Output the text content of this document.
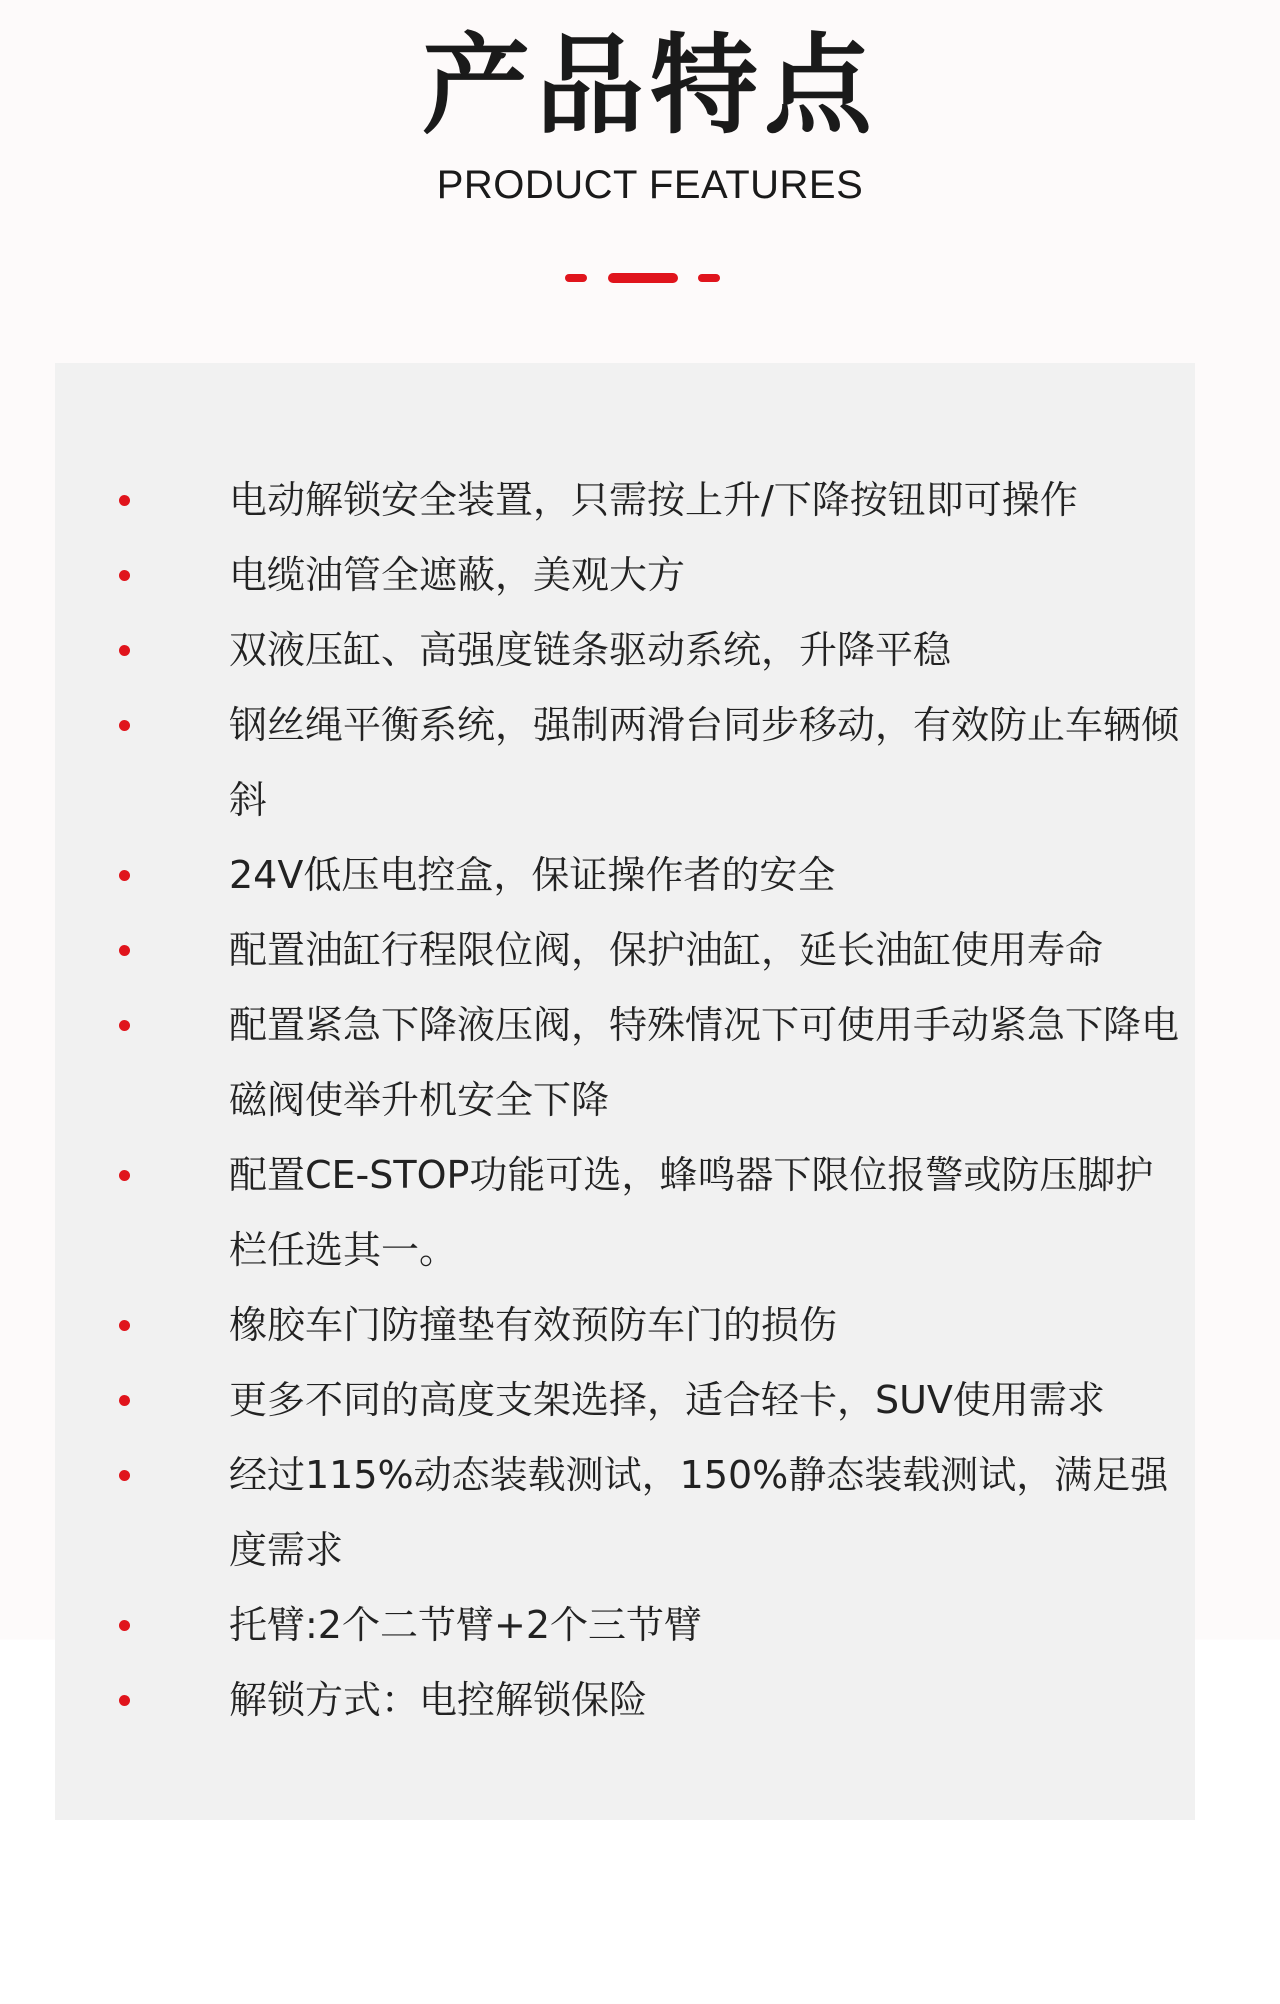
产品特点
PRODUCT FEATURES
电动解锁安全装置，只需按上升/下降按钮即可操作
电缆油管全遮蔽，美观大方
双液压缸、高强度链条驱动系统，升降平稳
钢丝绳平衡系统，强制两滑台同步移动，有效防止车辆倾斜
24V低压电控盒，保证操作者的安全
配置油缸行程限位阀，保护油缸，延长油缸使用寿命
配置紧急下降液压阀，特殊情况下可使用手动紧急下降电磁阀使举升机安全下降
配置CE-STOP功能可选，蜂鸣器下限位报警或防压脚护栏任选其一。
橡胶车门防撞垫有效预防车门的损伤
更多不同的高度支架选择，适合轻卡，SUV使用需求
经过115%动态装载测试，150%静态装载测试，满足强度需求
托臂:2个二节臂+2个三节臂
解锁方式：电控解锁保险
